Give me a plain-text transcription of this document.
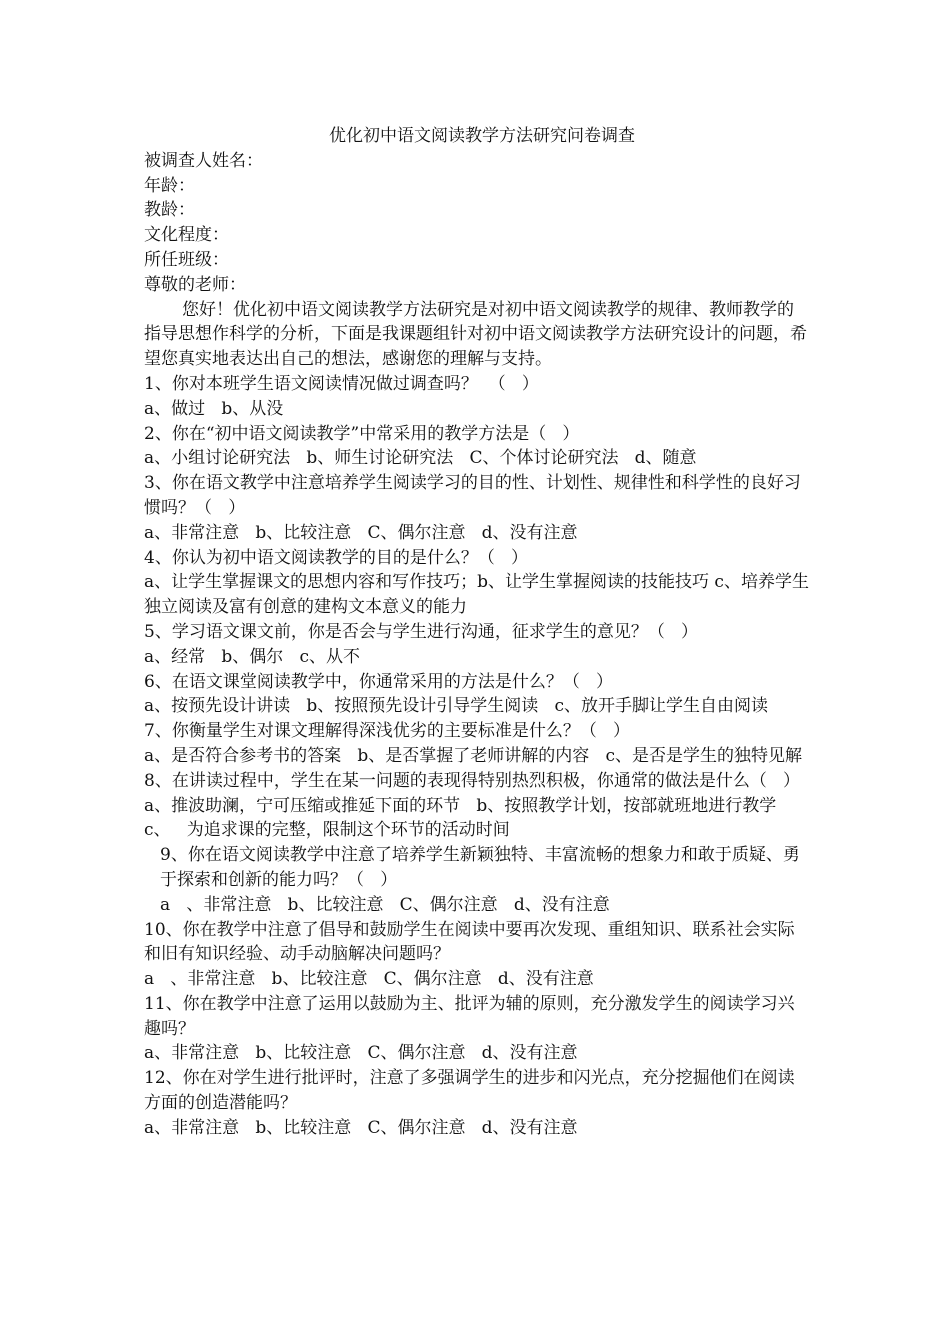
优化初中语文阅读教学方法研究问卷调查

被调查人姓名：

年龄：

教龄：

文化程度：

所任班级：

尊敬的老师：

您好！优化初中语文阅读教学方法研究是对初中语文阅读教学的规律、教师教学的指导思想作科学的分析，下面是我课题组针对初中语文阅读教学方法研究设计的问题，希望您真实地表达出自己的想法，感谢您的理解与支持。

1、你对本班学生语文阅读情况做过调查吗？  （   ）
a、做过   b、从没
2、你在“初中语文阅读教学”中常采用的教学方法是（   ）
a、小组讨论研究法   b、师生讨论研究法   C、个体讨论研究法   d、随意
3、你在语文教学中注意培养学生阅读学习的目的性、计划性、规律性和科学性的良好习惯吗？（   ）
a、非常注意   b、比较注意   C、偶尔注意   d、没有注意
4、你认为初中语文阅读教学的目的是什么？（   ）
a、让学生掌握课文的思想内容和写作技巧；b、让学生掌握阅读的技能技巧 c、培养学生独立阅读及富有创意的建构文本意义的能力
5、学习语文课文前，你是否会与学生进行沟通，征求学生的意见？（   ）
a、经常   b、偶尔   c、从不
6、在语文课堂阅读教学中，你通常采用的方法是什么？（   ）
a、按预先设计讲读   b、按照预先设计引导学生阅读   c、放开手脚让学生自由阅读
7、你衡量学生对课文理解得深浅优劣的主要标准是什么？（   ）
a、是否符合参考书的答案   b、是否掌握了老师讲解的内容   c、是否是学生的独特见解
8、在讲读过程中，学生在某一问题的表现得特别热烈积极，你通常的做法是什么（   ）
a、推波助澜，宁可压缩或推延下面的环节   b、按照教学计划，按部就班地进行教学   c、   为追求课的完整，限制这个环节的活动时间
9、你在语文阅读教学中注意了培养学生新颖独特、丰富流畅的想象力和敢于质疑、勇于探索和创新的能力吗？（   ）
a   、非常注意   b、比较注意   C、偶尔注意   d、没有注意
10、你在教学中注意了倡导和鼓励学生在阅读中要再次发现、重组知识、联系社会实际和旧有知识经验、动手动脑解决问题吗？
a   、非常注意   b、比较注意   C、偶尔注意   d、没有注意
11、你在教学中注意了运用以鼓励为主、批评为辅的原则，充分激发学生的阅读学习兴趣吗？
a、非常注意   b、比较注意   C、偶尔注意   d、没有注意
12、你在对学生进行批评时，注意了多强调学生的进步和闪光点，充分挖掘他们在阅读方面的创造潜能吗？
a、非常注意   b、比较注意   C、偶尔注意   d、没有注意
